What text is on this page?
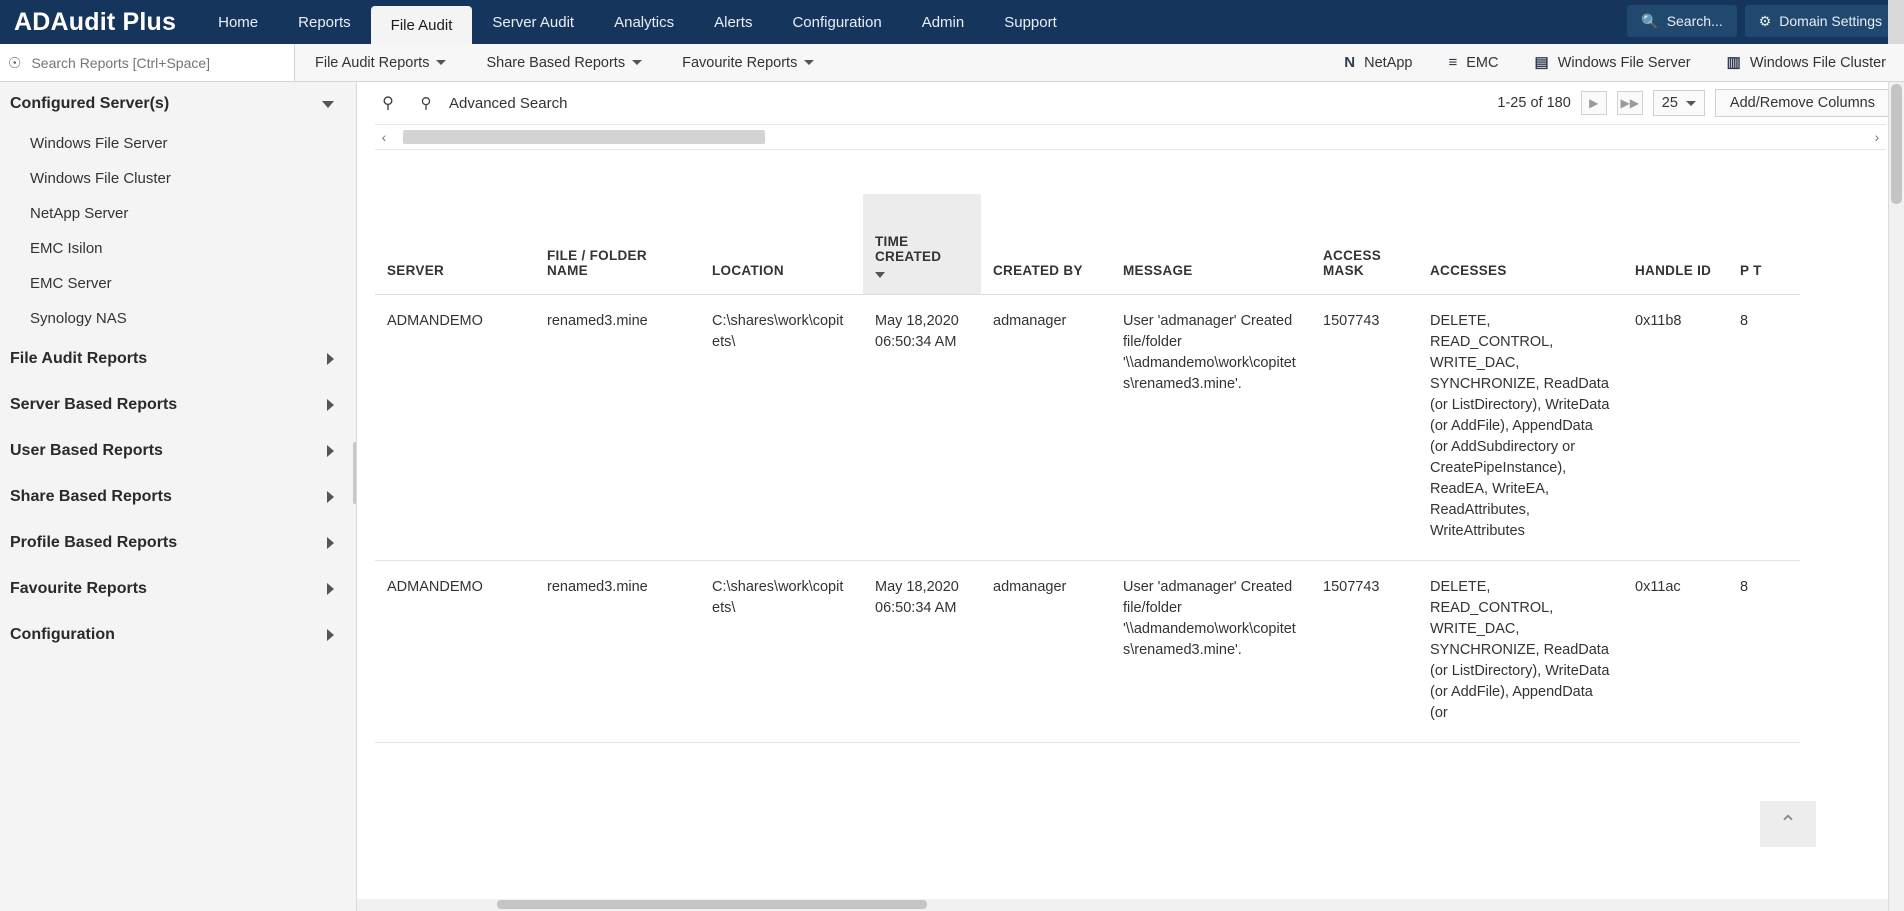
ADAudit Plus	Home	Reports	File Audit	Server Audit	Analytics	Alerts	Configuration	Admin	Support	🔍 Search...	⚙ Domain Settings
☉
Search Reports [Ctrl+Space]	File Audit Reports	Share Based Reports	Favourite Reports	N NetApp ≡ EMC ▤ Windows File Server ▥ Windows File Cluster
Configured Server(s)
Windows File Server
Windows File Cluster
NetApp Server
EMC Isilon
EMC Server
Synology NAS
File Audit Reports
Server Based Reports
User Based Reports
Share Based Reports
Profile Based Reports
Favourite Reports
Configuration
⚲	⚲	Advanced Search	1-25 of 180	▶	▶▶ 25	Add/Remove Columns
‹	›
SERVER	FILE / FOLDER NAME	LOCATION	TIME CREATED	CREATED BY	MESSAGE	ACCESS MASK	ACCESSES	HANDLE ID	P T
ADMANDEMO	renamed3.mine	C:\shares\work\copitets\	May 18,2020 06:50:34 AM	admanager	User 'admanager' Created file/folder '\\admandemo\work\copitets\renamed3.mine'.	1507743	DELETE, READ_CONTROL, WRITE_DAC, SYNCHRONIZE, ReadData (or ListDirectory), WriteData (or AddFile), AppendData (or AddSubdirectory or CreatePipeInstance), ReadEA, WriteEA, ReadAttributes, WriteAttributes	0x11b8	8
ADMANDEMO	renamed3.mine	C:\shares\work\copitets\	May 18,2020 06:50:34 AM	admanager	User 'admanager' Created file/folder '\\admandemo\work\copitets\renamed3.mine'.	1507743	DELETE, READ_CONTROL, WRITE_DAC, SYNCHRONIZE, ReadData (or ListDirectory), WriteData (or AddFile), AppendData (or	0x11ac	8
⌃
